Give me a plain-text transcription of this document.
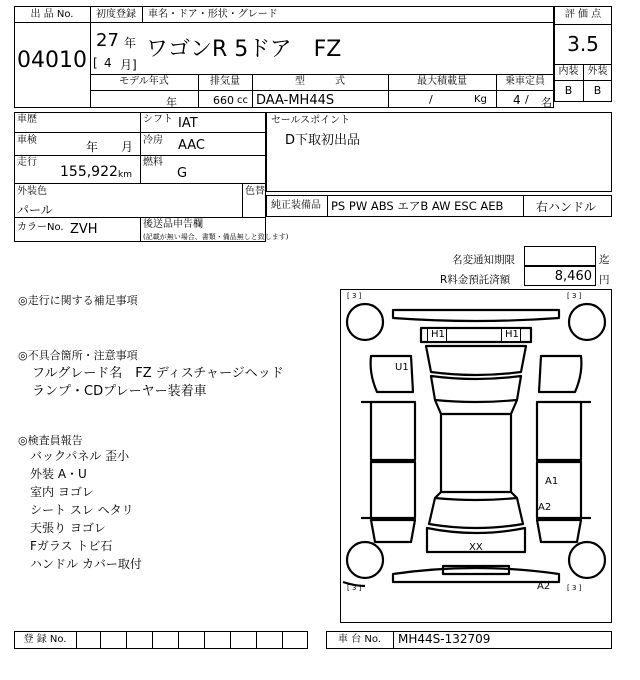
出 品 No.
04010
初度登録 車名・ドア・形状・グレード
27 年
[ 4 月]
ワゴンR 5ドア　FZ
モデル年式	排気量	型　　　式	最大積載量	乗車定員
年	660 cc DAA-MH44S	/	Kg 4 / 名
評 価 点
3.5
内装 外装
B	B
車歴
車検	年 月
走行
155,922 km
シフト IAT
冷房 AAC
燃料
G
外装色
パール
色替
カラーNo. ZVH	後送品申告欄
(記載が無い場合、書類・備品無しと致します)
セールスポイント
D下取初出品
純正装備品 PS PW ABS エアB AW ESC AEB	右ハンドル
名変通知期限	迄
R料金預託済額	8,460 円
◎走行に関する補足事項
◎不具合箇所・注意事項
フルグレード名　FZ ディスチャージヘッド
ランプ・CDプレーヤー装着車
◎検査員報告
バックパネル 歪小
外装 A・U
室内 ヨゴレ
シート スレ ヘタリ
天張り ヨゴレ
Fガラス トビ石
ハンドル カバー取付
[ 3 ]	[ 3 ]
[ 3 ]	[ 3 ]
H1	H1
U1
A1
A2
A2
XX
登 録 No.	車 台 No.	MH44S-132709
